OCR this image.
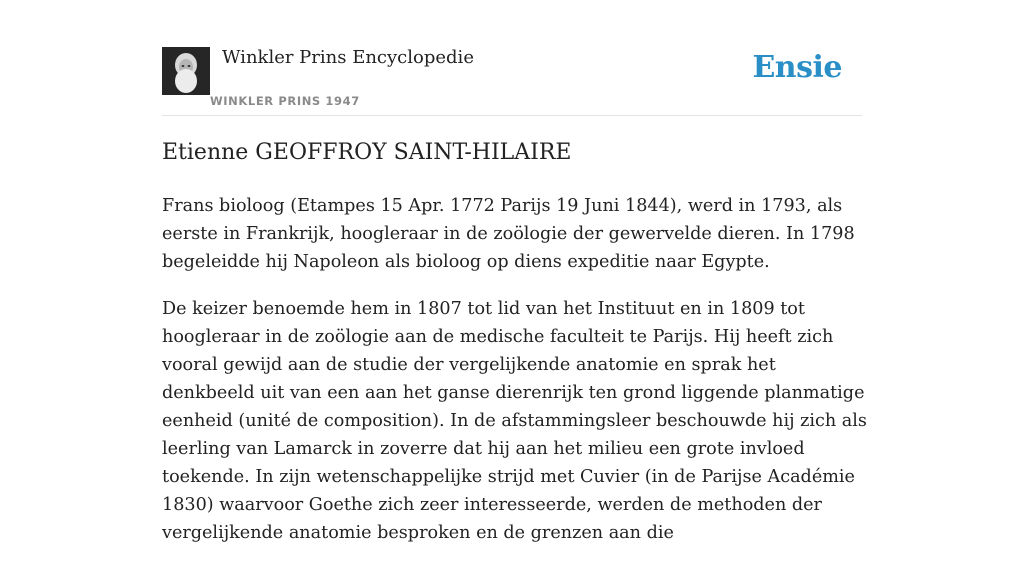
Winkler Prins Encyclopedie
WINKLER PRINS 1947
Ensie
Etienne GEOFFROY SAINT-HILAIRE

Frans bioloog (Etampes 15 Apr. 1772 Parijs 19 Juni 1844), werd in 1793, als eerste in Frankrijk, hoogleraar in de zoölogie der gewervelde dieren. In 1798 begeleidde hij Napoleon als bioloog op diens expeditie naar Egypte.

De keizer benoemde hem in 1807 tot lid van het Instituut en in 1809 tot hoogleraar in de zoölogie aan de medische faculteit te Parijs. Hij heeft zich vooral gewijd aan de studie der vergelijkende anatomie en sprak het denkbeeld uit van een aan het ganse dierenrijk ten grond liggende planmatige eenheid (unité de composition). In de afstammingsleer beschouwde hij zich als leerling van Lamarck in zoverre dat hij aan het milieu een grote invloed toekende. In zijn wetenschappelijke strijd met Cuvier (in de Parijse Académie 1830) waarvoor Goethe zich zeer interesseerde, werden de methoden der vergelijkende anatomie besproken en de grenzen aan die
